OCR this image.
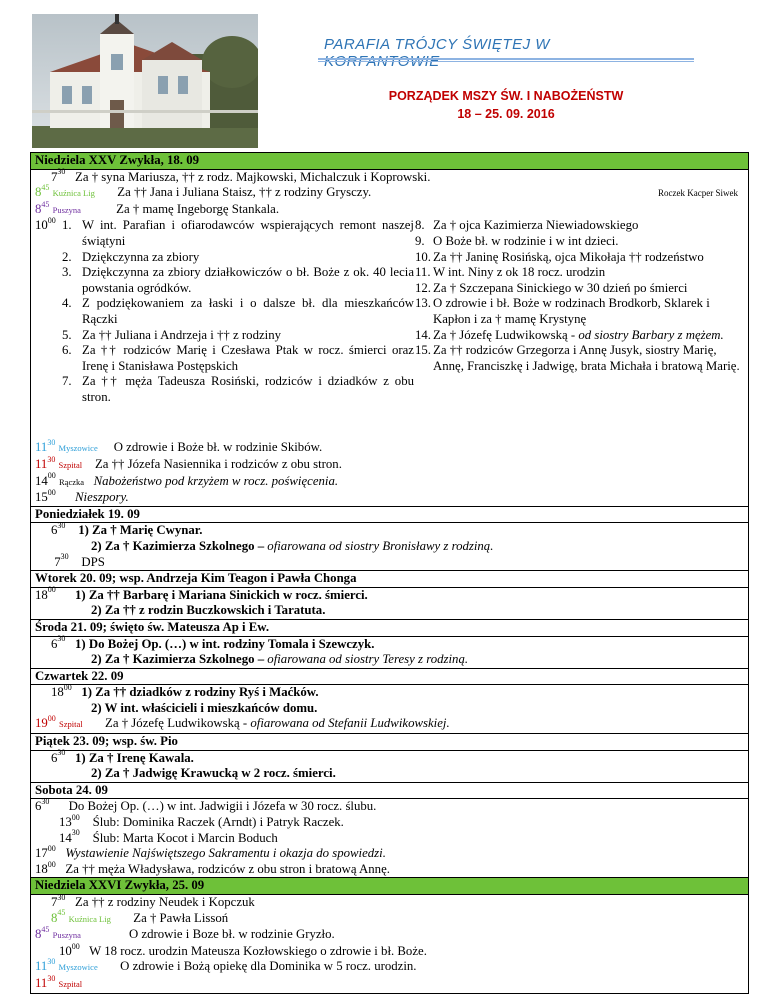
PARAFIA TRÓJCY ŚWIĘTEJ W KORFANTOWIE
PORZĄDEK MSZY ŚW. I NABOŻEŃSTW
18 – 25. 09. 2016
Niedziela XXV Zwykła, 18. 09
$7^{30}$ Za † syna Mariusza, †† z rodz. Majkowski, Michalczuk i Koprowski.
$8^{45}$ Kuźnica Lig Za †† Jana i Juliana Staisz, †† z rodziny Grysczy.	Roczek Kacper Siwek
$8^{45}$ Puszyna	Za † mamę Ingeborgę Stankala.
$10^{00}$ 1. W int. Parafian i ofiarodawców wspierających remont naszej świątyni
2. Dziękczynna za zbiory
3. Dziękczynna za zbiory działkowiczów o bł. Boże z ok. 40 lecia powstania ogródków.
4. Z podziękowaniem za łaski i o dalsze bł. dla mieszkańców Rączki
5. Za †† Juliana i Andrzeja i †† z rodziny
6. Za †† rodziców Marię i Czesława Ptak w rocz. śmierci oraz Irenę i Stanisława Postępskich
7. Za †† męża Tadeusza Rosiński, rodziców i dziadków z obu stron.
8. Za † ojca Kazimierza Niewiadowskiego
9. O Boże bł. w rodzinie i w int dzieci.
10. Za †† Janinę Rosińską, ojca Mikołaja †† rodzeństwo
11. W int. Niny z ok 18 rocz. urodzin
12. Za † Szczepana Sinickiego w 30 dzień po śmierci
13. O zdrowie i bł. Boże w rodzinach Brodkorb, Sklarek i Kapłon i za † mamę Krystynę
14. Za † Józefę Ludwikowską - od siostry Barbary z mężem.
15. Za †† rodziców Grzegorza i Annę Jusyk, siostry Marię, Annę, Franciszkę i Jadwigę, brata Michała i bratową Marię.
$11^{30}$ Myszowice O zdrowie i Boże bł. w rodzinie Skibów.
$11^{30}$ Szpital Za †† Józefa Nasiennika i rodziców z obu stron.
$14^{00}$ Rączka Nabożeństwo pod krzyżem w rocz. poświęcenia.
$15^{00}$ Nieszpory.
Poniedziałek 19. 09
$6^{30}$ 1) Za † Marię Cwynar.
2) Za † Kazimierza Szkolnego – ofiarowana od siostry Bronisławy z rodziną.
$7^{30}$ DPS
Wtorek 20. 09; wsp. Andrzeja Kim Teagon i Pawła Chonga
$18^{00}$ 1) Za †† Barbarę i Mariana Sinickich w rocz. śmierci.
2) Za †† z rodzin Buczkowskich i Taratuta.
Środa 21. 09; święto św. Mateusza Ap i Ew.
$6^{30}$ 1) Do Bożej Op. (…) w int. rodziny Tomala i Szewczyk.
2) Za † Kazimierza Szkolnego – ofiarowana od siostry Teresy z rodziną.
Czwartek 22. 09
$18^{00}$ 1) Za †† dziadków z rodziny Ryś i Maćków.
2) W int. właścicieli i mieszkańców domu.
$19^{00}$ Szpital Za † Józefę Ludwikowską - ofiarowana od Stefanii Ludwikowskiej.
Piątek 23. 09; wsp. św. Pio
$6^{30}$ 1) Za † Irenę Kawala.
2) Za † Jadwigę Krawucką w 2 rocz. śmierci.
Sobota 24. 09
$6^{30}$ Do Bożej Op. (…) w int. Jadwigii i Józefa w 30 rocz. ślubu.
$13^{00}$ Ślub: Dominika Raczek (Arndt) i Patryk Raczek.
$14^{30}$ Ślub: Marta Kocot i Marcin Boduch
$17^{00}$ Wystawienie Najświętszego Sakramentu i okazja do spowiedzi.
$18^{00}$ Za †† męża Władysława, rodziców z obu stron i bratową Annę.
Niedziela XXVI Zwykła, 25. 09
$7^{30}$ Za †† z rodziny Neudek i Kopczuk
$8^{45}$ Kuźnica Lig Za † Pawła Lissoń
$8^{45}$ Puszyna	O zdrowie i Boze bł. w rodzinie Gryzło.
$10^{00}$ W 18 rocz. urodzin Mateusza Kozłowskiego o zdrowie i bł. Boże.
$11^{30}$ Myszowice O zdrowie i Bożą opiekę dla Dominika w 5 rocz. urodzin.
$11^{30}$ Szpital
